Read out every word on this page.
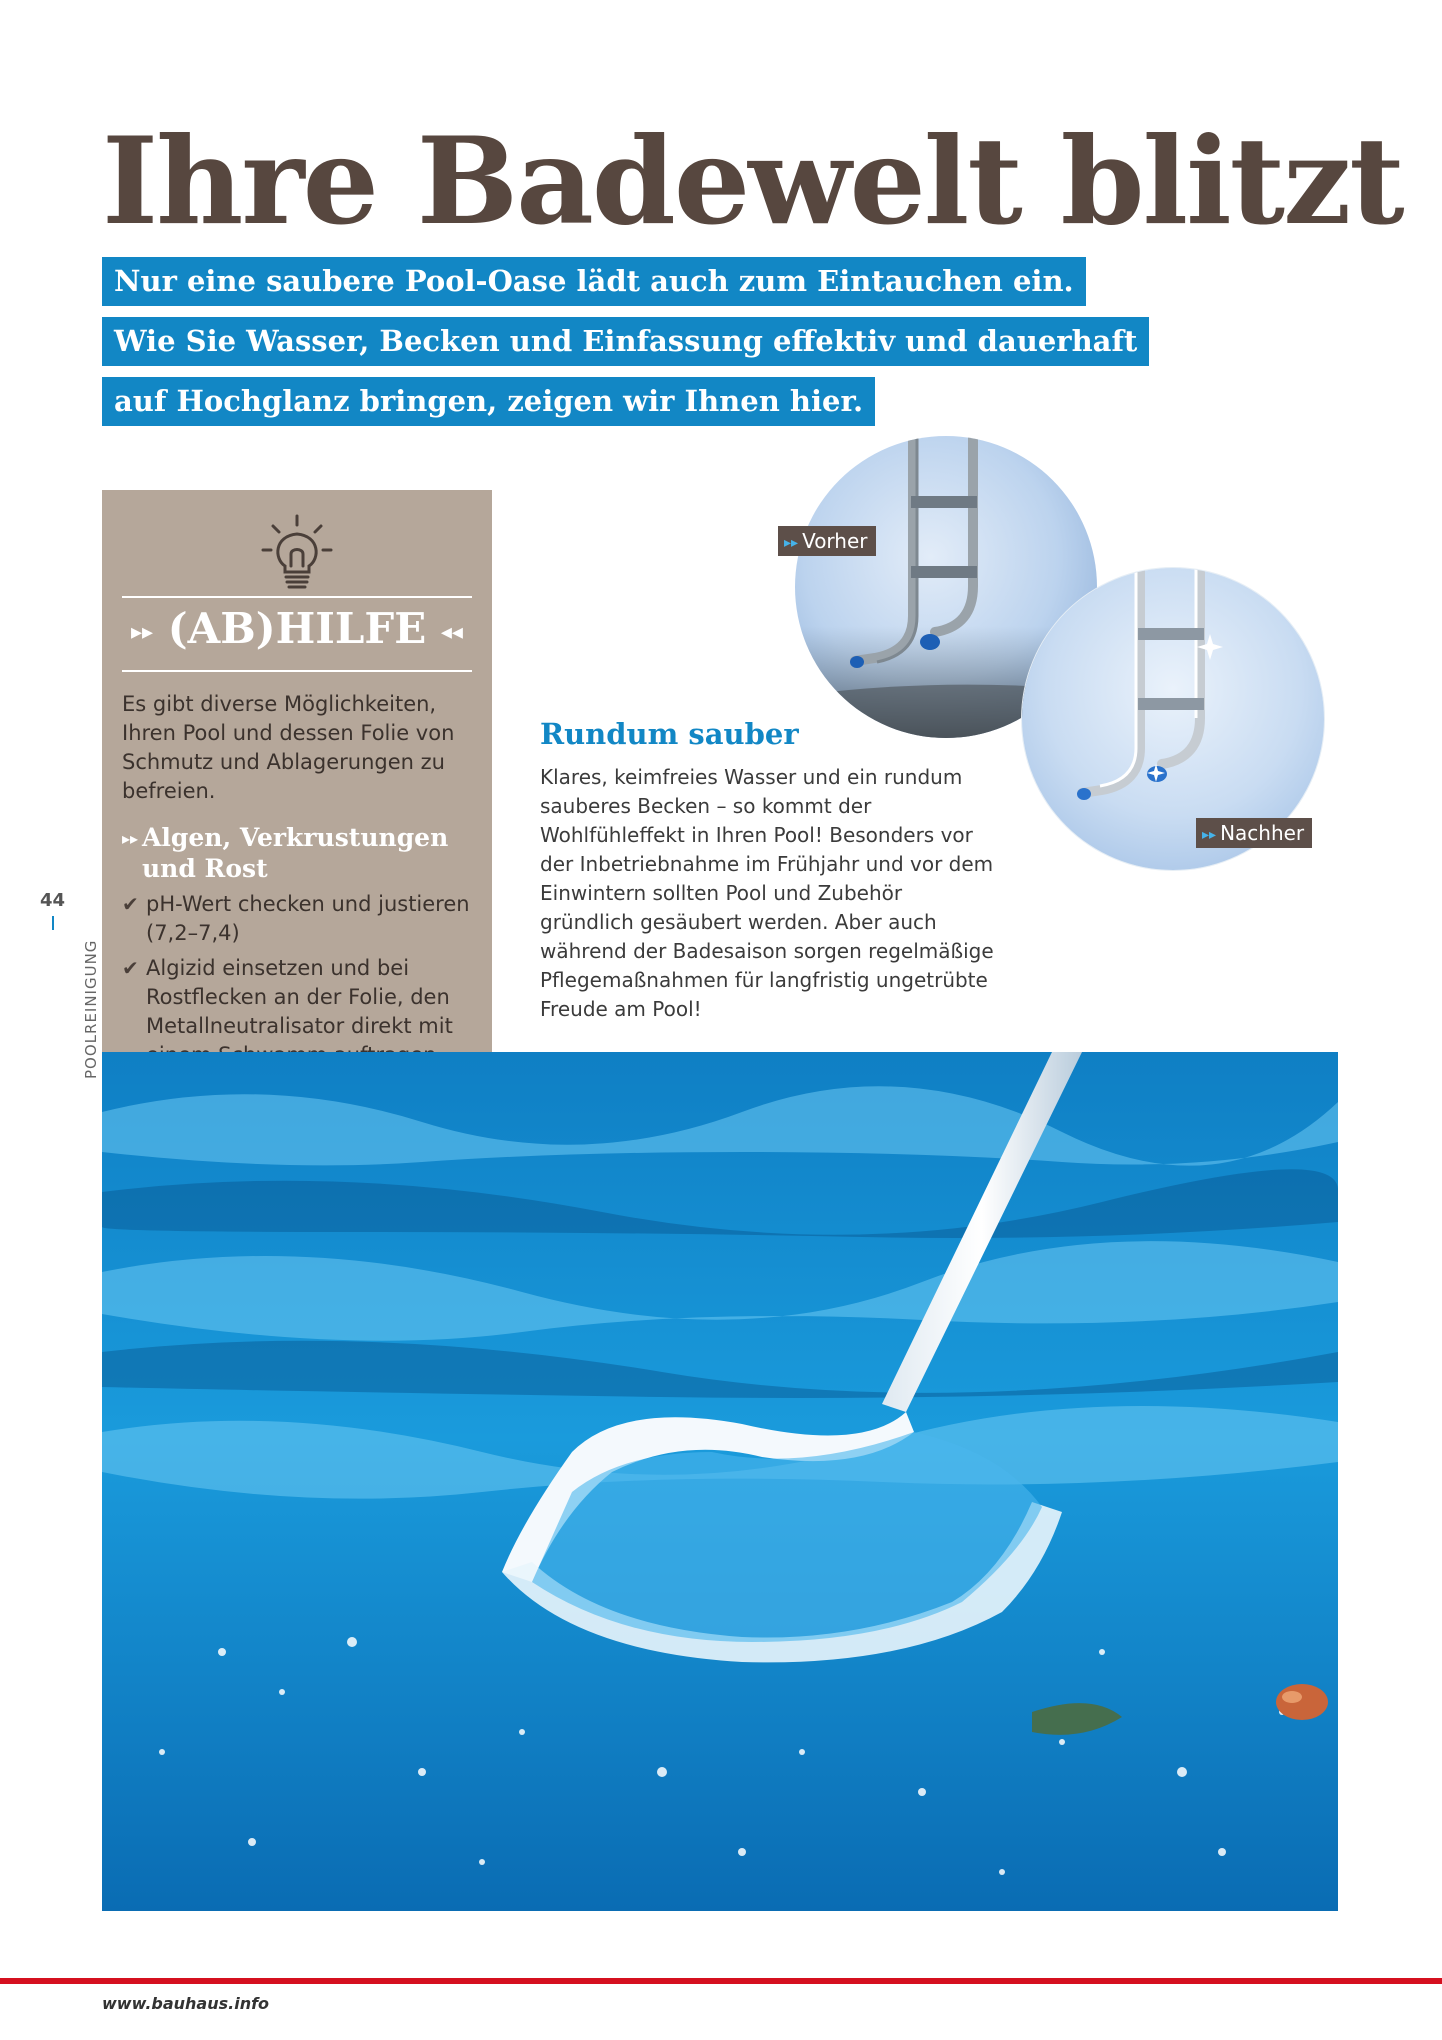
Ihre Badewelt blitzt
Nur eine saubere Pool-Oase lädt auch zum Eintauchen ein.
Wie Sie Wasser, Becken und Einfassung effektiv und dauerhaft
auf Hochglanz bringen, zeigen wir Ihnen hier.
44
POOLREINIGUNG
▸▸ (AB)HILFE ◂◂
Es gibt diverse Möglichkeiten, Ihren Pool und dessen Folie von Schmutz und Ablagerungen zu befreien.
▸▸ Algen, Verkrustungen und Rost
✔ pH-Wert checken und justieren (7,2–7,4)
✔ Algizid einsetzen und bei Rostflecken an der Folie, den Metallneutralisator direkt mit
▸▸ Vorher
▸▸ Nachher
Rundum sauber

Klares, keimfreies Wasser und ein rundum sauberes Becken – so kommt der Wohlfühleffekt in Ihren Pool! Besonders vor der Inbetriebnahme im Frühjahr und vor dem Einwintern sollten Pool und Zubehör gründlich gesäubert werden. Aber auch während der Badesaison sorgen regelmäßige Pflegemaßnahmen für langfristig ungetrübte Freude am Pool!

www.bauhaus.info
